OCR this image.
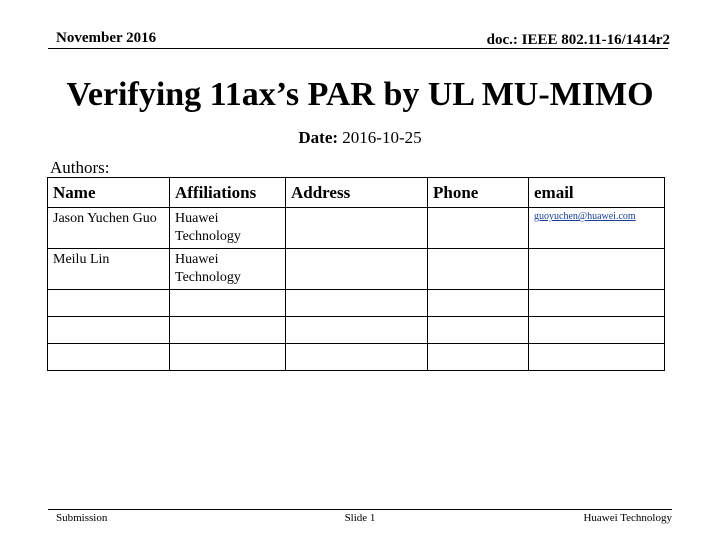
November 2016	doc.: IEEE 802.11-16/1414r2
Verifying 11ax’s PAR by UL MU-MIMO
Date: 2016-10-25
Authors:
Name	Affiliations	Address	Phone	email
Jason Yuchen Guo	Huawei Technology			guoyuchen@huawei.com
Meilu Lin	Huawei Technology			

Submission	Slide 1	Huawei Technology
